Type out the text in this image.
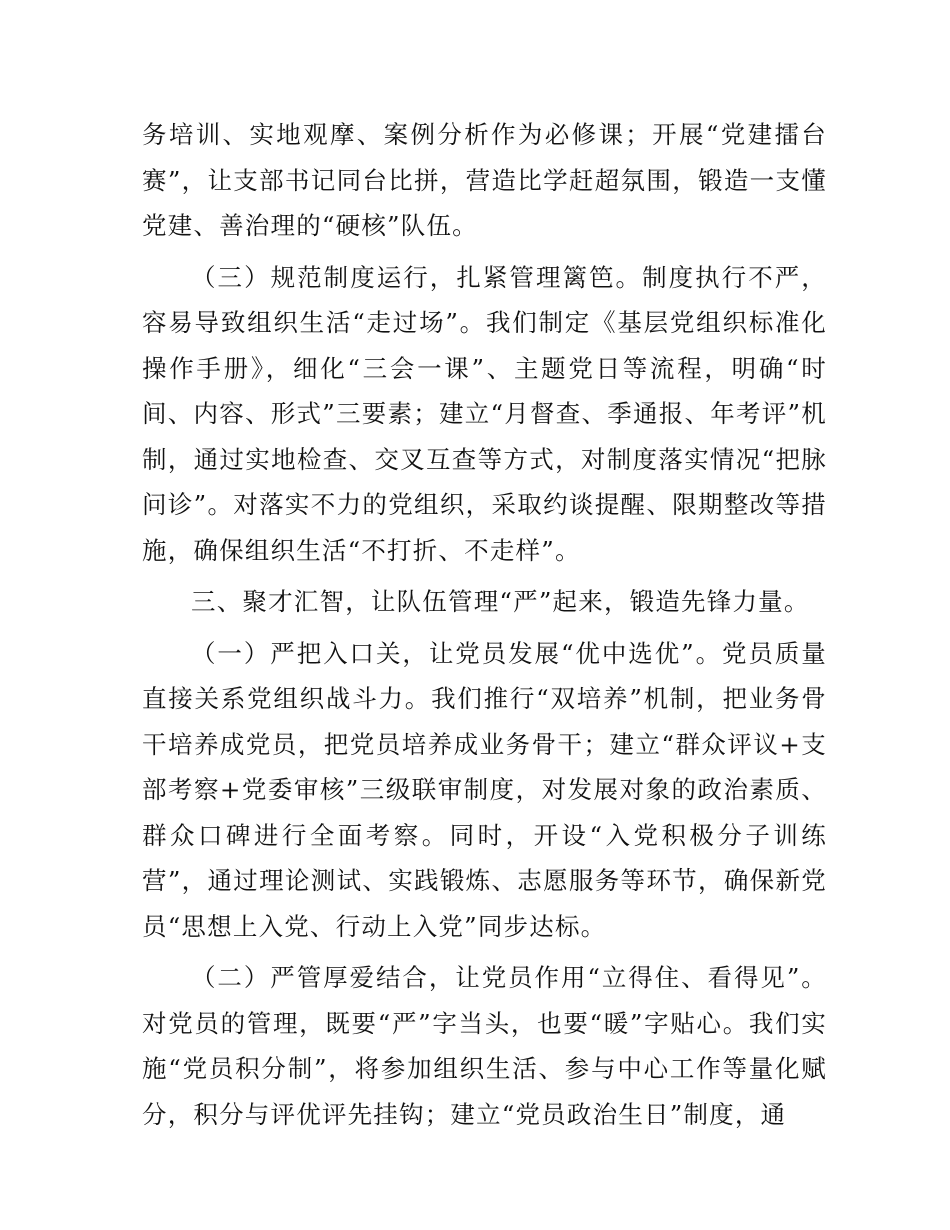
务培训、实地观摩、案例分析作为必修课；开展“党建擂台赛”，让支部书记同台比拼，营造比学赶超氛围，锻造一支懂党建、善治理的“硬核”队伍。

（三）规范制度运行，扎紧管理篱笆。制度执行不严，容易导致组织生活“走过场”。我们制定《基层党组织标准化操作手册》，细化“三会一课”、主题党日等流程，明确“时间、内容、形式”三要素；建立“月督查、季通报、年考评”机制，通过实地检查、交叉互查等方式，对制度落实情况“把脉问诊”。对落实不力的党组织，采取约谈提醒、限期整改等措施，确保组织生活“不打折、不走样”。

三、聚才汇智，让队伍管理“严”起来，锻造先锋力量。

（一）严把入口关，让党员发展“优中选优”。党员质量直接关系党组织战斗力。我们推行“双培养”机制，把业务骨干培养成党员，把党员培养成业务骨干；建立“群众评议+支部考察+党委审核”三级联审制度，对发展对象的政治素质、群众口碑进行全面考察。同时，开设“入党积极分子训练营”，通过理论测试、实践锻炼、志愿服务等环节，确保新党员“思想上入党、行动上入党”同步达标。

（二）严管厚爱结合，让党员作用“立得住、看得见”。对党员的管理，既要“严”字当头，也要“暖”字贴心。我们实施“党员积分制”，将参加组织生活、参与中心工作等量化赋分，积分与评优评先挂钩；建立“党员政治生日”制度，通
